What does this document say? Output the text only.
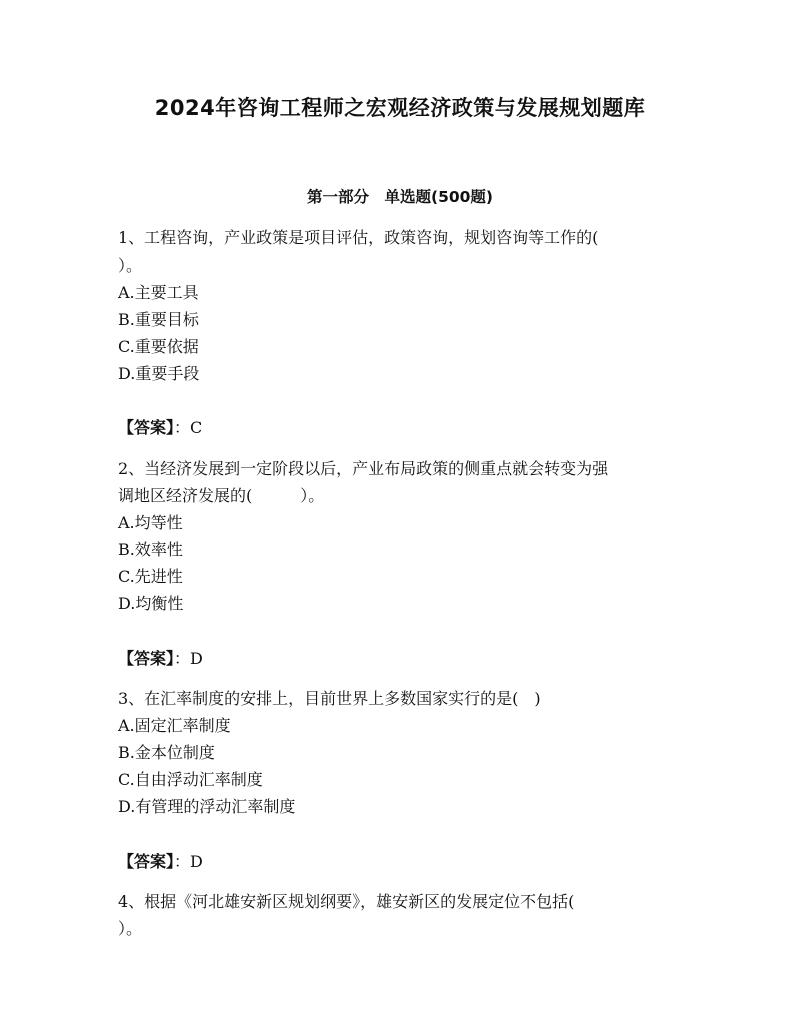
2024年咨询工程师之宏观经济政策与发展规划题库
第一部分　单选题(500题)
1、工程咨询，产业政策是项目评估，政策咨询，规划咨询等工作的(
）。
A.主要工具
B.重要目标
C.重要依据
D.重要手段
【答案】：C
2、当经济发展到一定阶段以后，产业布局政策的侧重点就会转变为强
调地区经济发展的(　　　）。
A.均等性
B.效率性
C.先进性
D.均衡性
【答案】：D
3、在汇率制度的安排上，目前世界上多数国家实行的是(　)
A.固定汇率制度
B.金本位制度
C.自由浮动汇率制度
D.有管理的浮动汇率制度
【答案】：D
4、根据《河北雄安新区规划纲要》，雄安新区的发展定位不包括(
）。
